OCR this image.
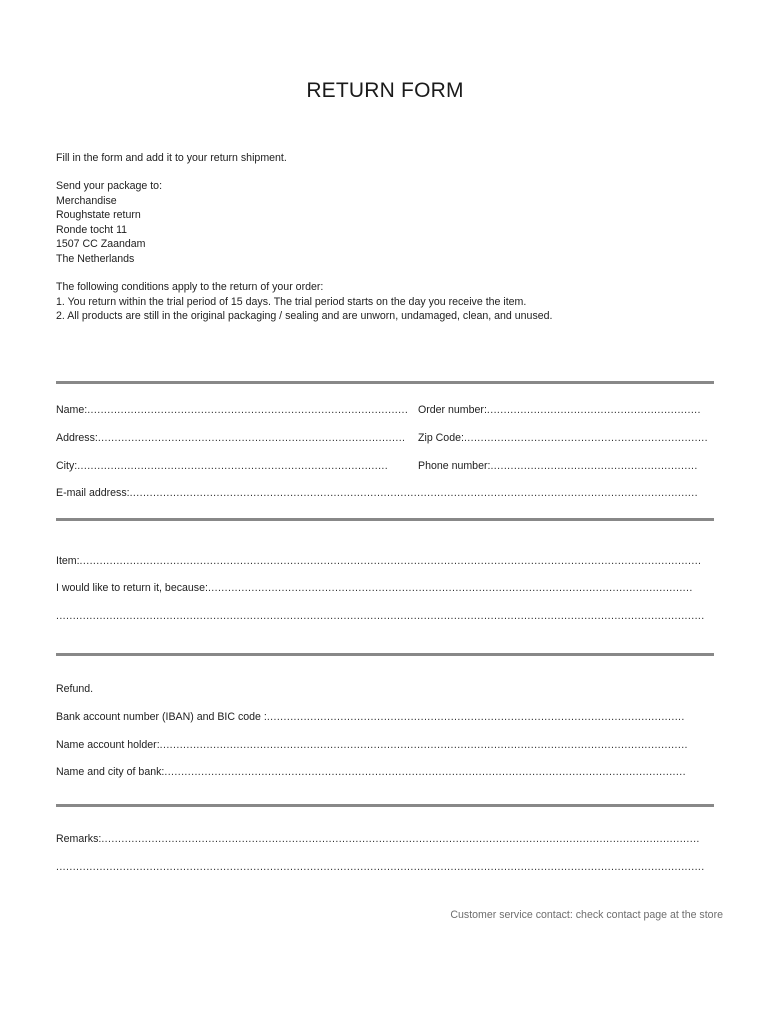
RETURN FORM
Fill in the form and add it to your return shipment.
Send your package to:
Merchandise
Roughstate return
Ronde tocht 11
1507 CC Zaandam
The Netherlands
The following conditions apply to the return of your order:
1. You return within the trial period of 15 days. The trial period starts on the day you receive the item.
2. All products are still in the original packaging / sealing and are unworn, undamaged, clean, and unused.
Name:................................................................................................ Order number:................................................................
Address:............................................................................................ Zip Code:.........................................................................
City:.............................................................................................	Phone number:..............................................................
E-mail address:..........................................................................................................................................................................
Item:..........................................................................................................................................................................................
I would like to return it, because:.................................................................................................................................................
..................................................................................................................................................................................................
Refund.
Bank account number (IBAN) and BIC code :.............................................................................................................................
Name account holder:..............................................................................................................................................................
Name and city of bank:............................................................................................................................................................
Remarks:...................................................................................................................................................................................
..................................................................................................................................................................................................
Customer service contact: check contact page at the store
